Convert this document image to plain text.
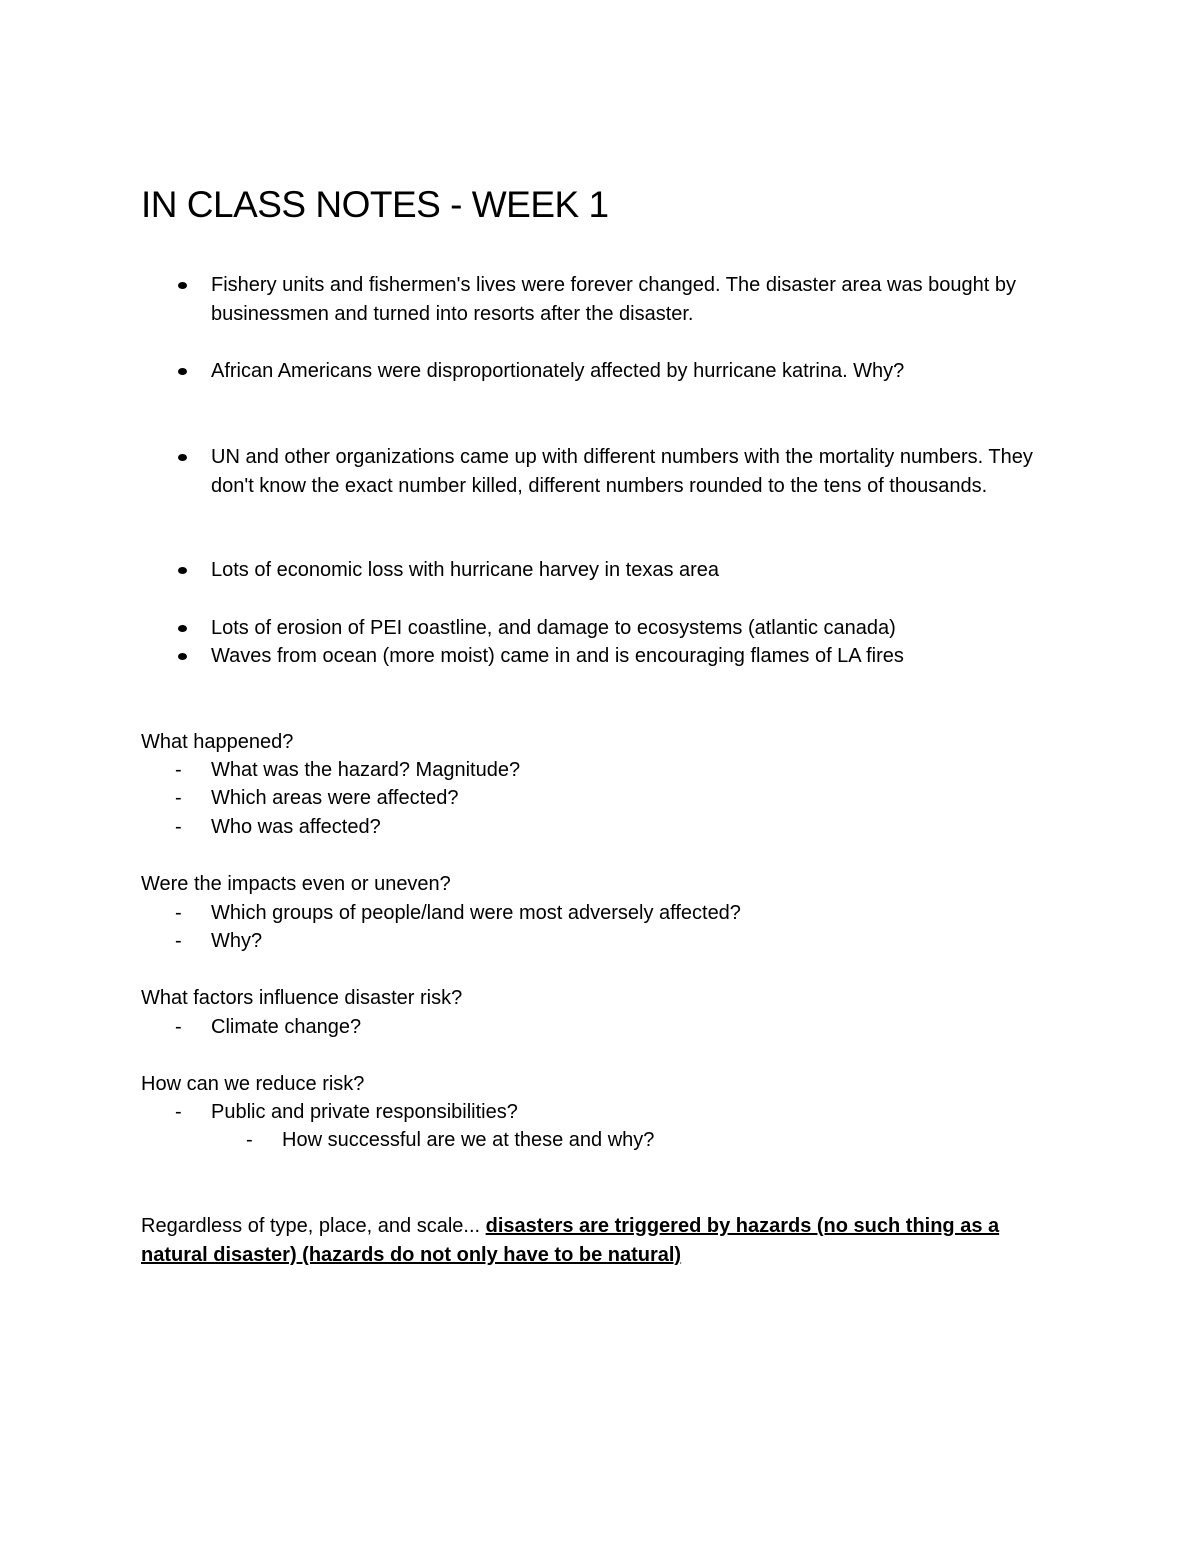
IN CLASS NOTES - WEEK 1

Fishery units and fishermen's lives were forever changed. The disaster area was bought by businessmen and turned into resorts after the disaster.

African Americans were disproportionately affected by hurricane katrina. Why?

UN and other organizations came up with different numbers with the mortality numbers. They don't know the exact number killed, different numbers rounded to the tens of thousands.

Lots of economic loss with hurricane harvey in texas area

Lots of erosion of PEI coastline, and damage to ecosystems (atlantic canada)

Waves from ocean (more moist) came in and is encouraging flames of LA fires

What happened?

- What was the hazard? Magnitude?

- Which areas were affected?

- Who was affected?

Were the impacts even or uneven?

- Which groups of people/land were most adversely affected?

- Why?

What factors influence disaster risk?

- Climate change?

How can we reduce risk?

- Public and private responsibilities?

- How successful are we at these and why?

Regardless of type, place, and scale... disasters are triggered by hazards (no such thing as a natural disaster) (hazards do not only have to be natural)
